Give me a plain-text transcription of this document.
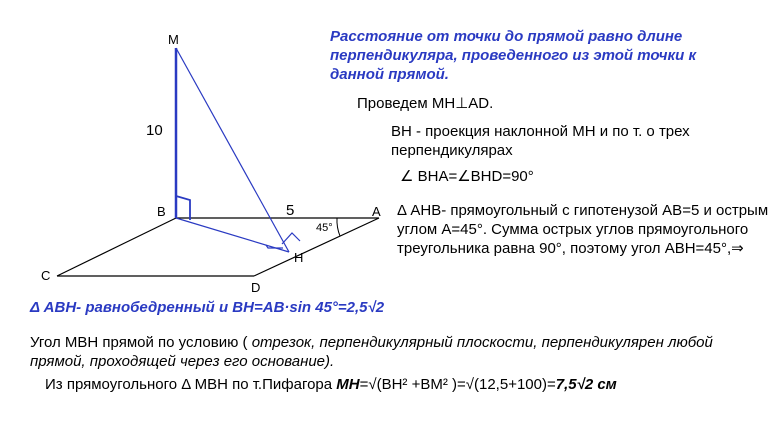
M
B	A
C
D
H
10
5
45°
Расстояние от точки до прямой равно длине перпендикуляра, проведенного из этой точки к данной прямой.
Проведем MH⊥AD.
BH - проекция наклонной MH и по т. о трех перпендикулярах
∠ BHA=∠BHD=90°
Δ AHB- прямоугольный с гипотенузой AB=5 и острым углом A=45°. Сумма острых углов прямоугольного треугольника равна 90°, поэтому угол ABH=45°,⇒
Δ ABH- равнобедренный и BH=AB·sin 45°=2,5√2
Угол MBH прямой по условию ( отрезок, перпендикулярный плоскости, перпендикулярен любой прямой, проходящей через его основание).
Из прямоугольного Δ MBH по т.Пифагора MH=√(BH² +BM² )=√(12,5+100)=7,5√2 см
